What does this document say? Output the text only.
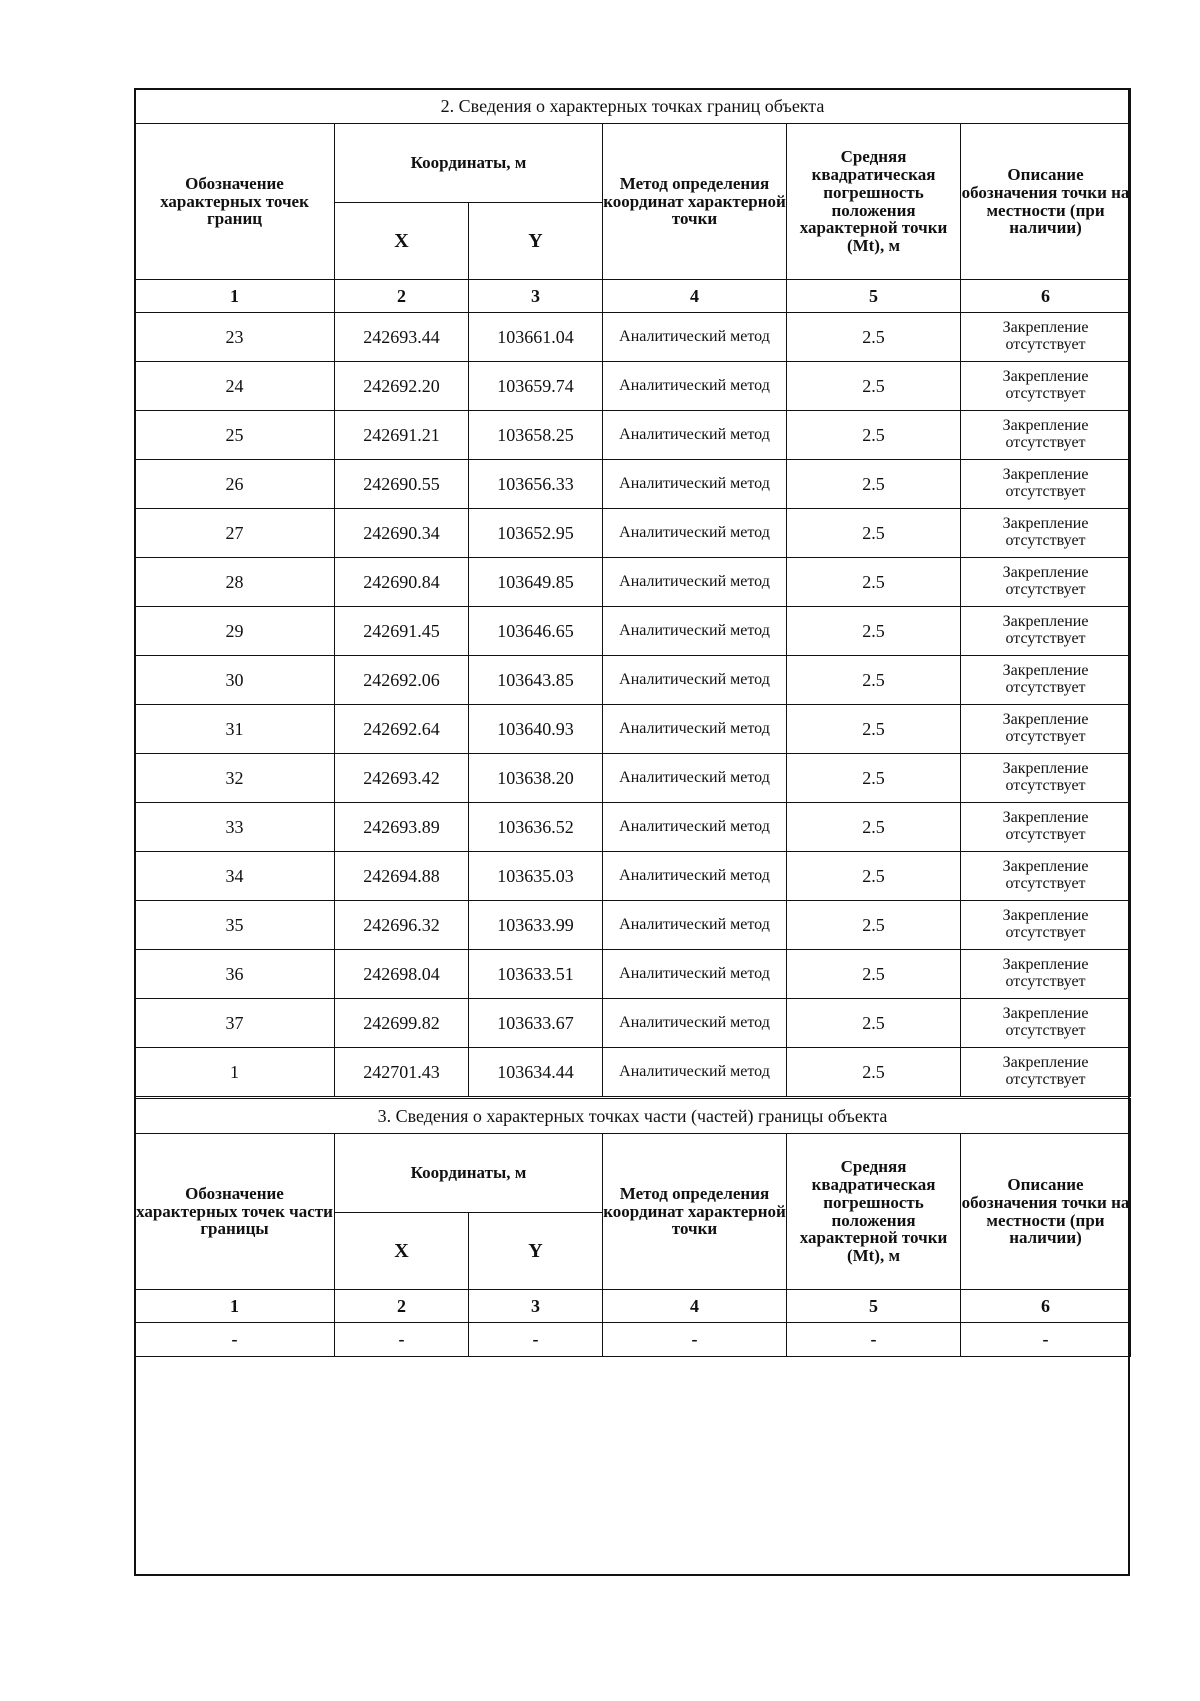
2. Сведения о характерных точках границ объекта					
Обозначение характерных точек границ	Координаты, м		Метод определения координат характерной точки	Средняя квадратическая погрешность положения характерной точки (Mt), м	Описание обозначения точки на местности (при наличии)
	X	Y			
1	2	3	4	5	6
23	242693.44	103661.04	Аналитический метод	2.5	Закрепление отсутствует
24	242692.20	103659.74	Аналитический метод	2.5	Закрепление отсутствует
25	242691.21	103658.25	Аналитический метод	2.5	Закрепление отсутствует
26	242690.55	103656.33	Аналитический метод	2.5	Закрепление отсутствует
27	242690.34	103652.95	Аналитический метод	2.5	Закрепление отсутствует
28	242690.84	103649.85	Аналитический метод	2.5	Закрепление отсутствует
29	242691.45	103646.65	Аналитический метод	2.5	Закрепление отсутствует
30	242692.06	103643.85	Аналитический метод	2.5	Закрепление отсутствует
31	242692.64	103640.93	Аналитический метод	2.5	Закрепление отсутствует
32	242693.42	103638.20	Аналитический метод	2.5	Закрепление отсутствует
33	242693.89	103636.52	Аналитический метод	2.5	Закрепление отсутствует
34	242694.88	103635.03	Аналитический метод	2.5	Закрепление отсутствует
35	242696.32	103633.99	Аналитический метод	2.5	Закрепление отсутствует
36	242698.04	103633.51	Аналитический метод	2.5	Закрепление отсутствует
37	242699.82	103633.67	Аналитический метод	2.5	Закрепление отсутствует
1	242701.43	103634.44	Аналитический метод	2.5	Закрепление отсутствует
3. Сведения о характерных точках части (частей) границы объекта					
Обозначение характерных точек части границы	Координаты, м		Метод определения координат характерной точки	Средняя квадратическая погрешность положения характерной точки (Mt), м	Описание обозначения точки на местности (при наличии)
	X	Y			
1	2	3	4	5	6
-	-	-	-	-	-
